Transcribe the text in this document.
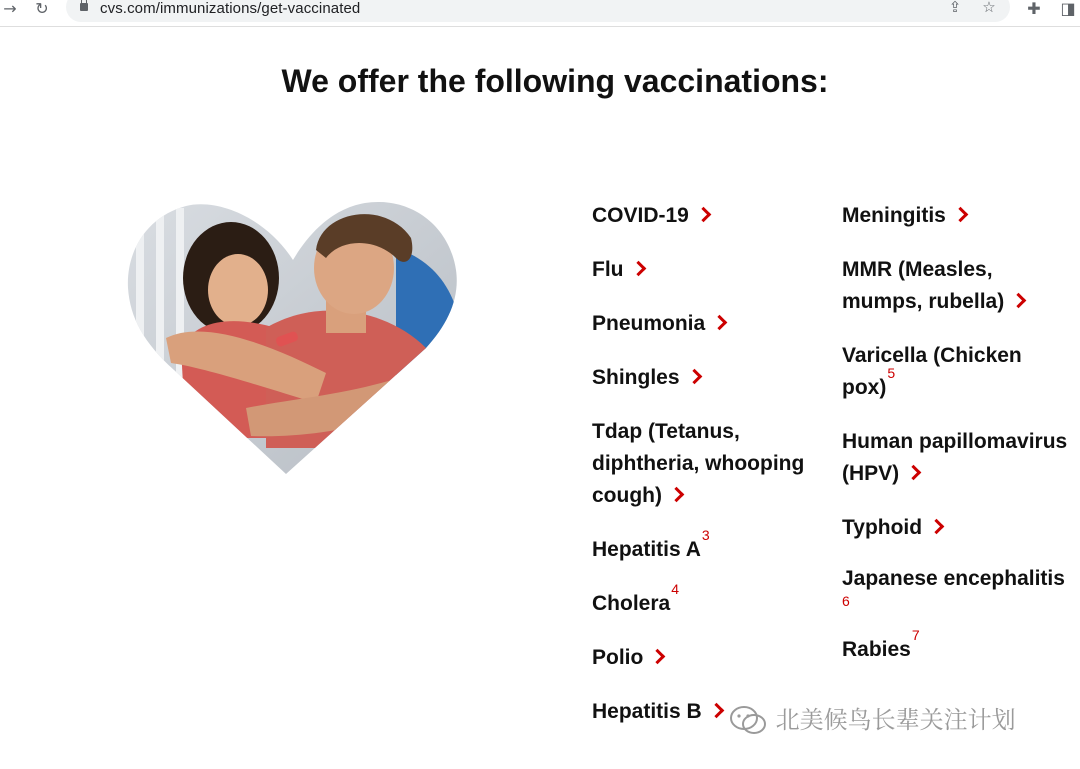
→ ↻	cvs.com/immunizations/get-vaccinated	⇪ ☆ ✚ ◨
We offer the following vaccinations:
COVID-19
Flu
Pneumonia
Shingles
Tdap (Tetanus, diphtheria, whooping cough)
Hepatitis A$^3$
Cholera$^4$
Polio
Hepatitis B
Meningitis
MMR (Measles, mumps, rubella)
Varicella (Chicken pox)$^5$
Human papillomavirus (HPV)
Typhoid
Japanese encephalitis
6
Rabies$^7$
北美候鸟长辈关注计划
